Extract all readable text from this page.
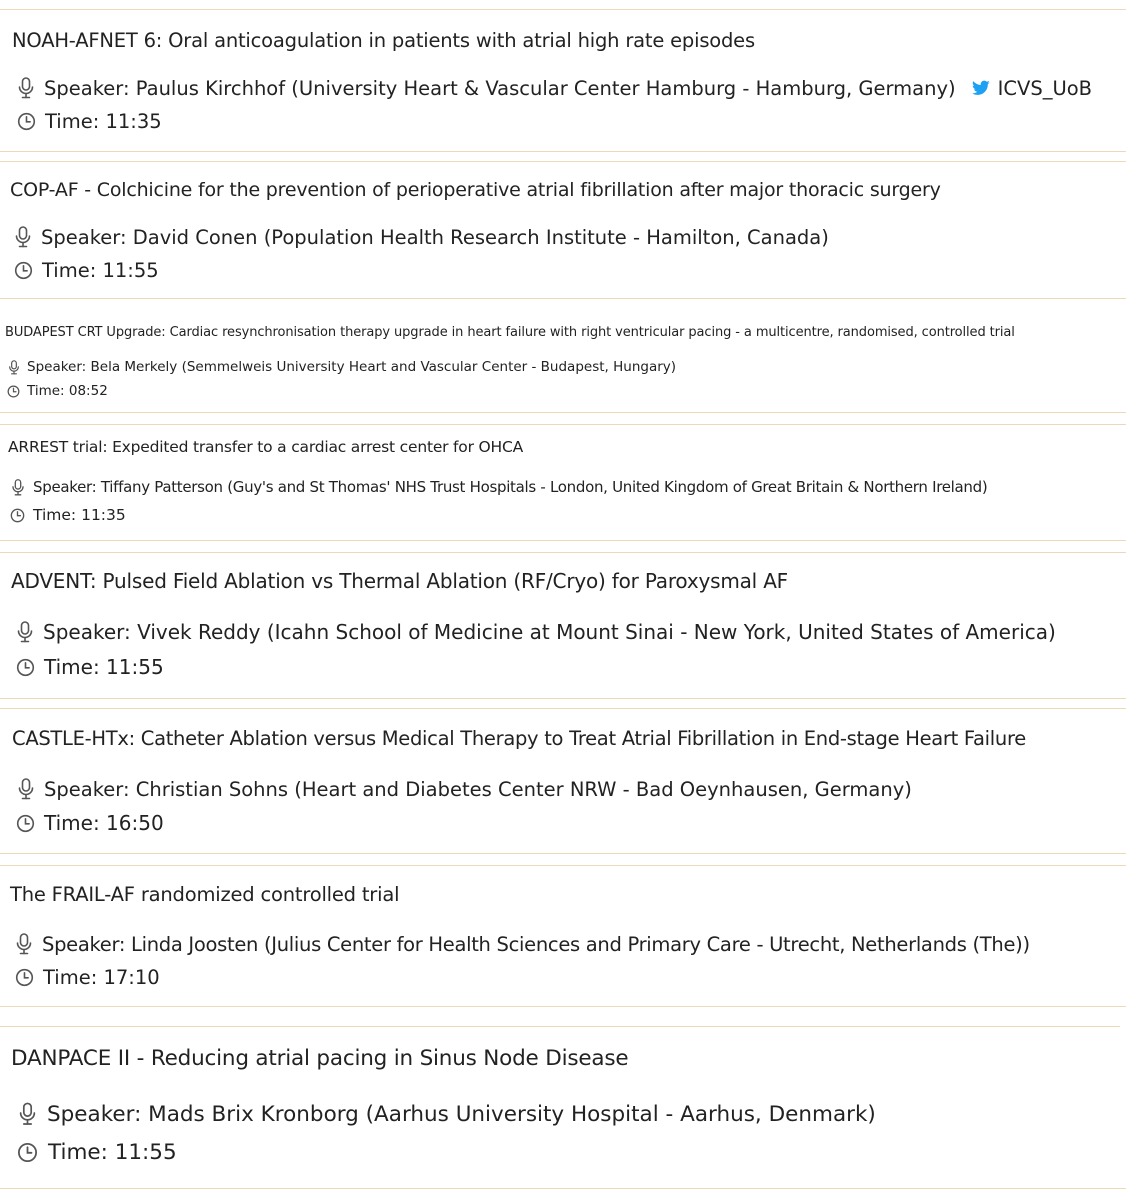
NOAH-AFNET 6: Oral anticoagulation in patients with atrial high rate episodes
Speaker: Paulus Kirchhof (University Heart & Vascular Center Hamburg - Hamburg, Germany) ICVS_UoB
Time: 11:35
COP-AF - Colchicine for the prevention of perioperative atrial fibrillation after major thoracic surgery
Speaker: David Conen (Population Health Research Institute - Hamilton, Canada)
Time: 11:55
BUDAPEST CRT Upgrade: Cardiac resynchronisation therapy upgrade in heart failure with right ventricular pacing - a multicentre, randomised, controlled trial
Speaker: Bela Merkely (Semmelweis University Heart and Vascular Center - Budapest, Hungary)
Time: 08:52
ARREST trial: Expedited transfer to a cardiac arrest center for OHCA
Speaker: Tiffany Patterson (Guy's and St Thomas' NHS Trust Hospitals - London, United Kingdom of Great Britain & Northern Ireland)
Time: 11:35
ADVENT: Pulsed Field Ablation vs Thermal Ablation (RF/Cryo) for Paroxysmal AF
Speaker: Vivek Reddy (Icahn School of Medicine at Mount Sinai - New York, United States of America)
Time: 11:55
CASTLE-HTx: Catheter Ablation versus Medical Therapy to Treat Atrial Fibrillation in End-stage Heart Failure
Speaker: Christian Sohns (Heart and Diabetes Center NRW - Bad Oeynhausen, Germany)
Time: 16:50
The FRAIL-AF randomized controlled trial
Speaker: Linda Joosten (Julius Center for Health Sciences and Primary Care - Utrecht, Netherlands (The))
Time: 17:10
DANPACE II - Reducing atrial pacing in Sinus Node Disease
Speaker: Mads Brix Kronborg (Aarhus University Hospital - Aarhus, Denmark)
Time: 11:55
